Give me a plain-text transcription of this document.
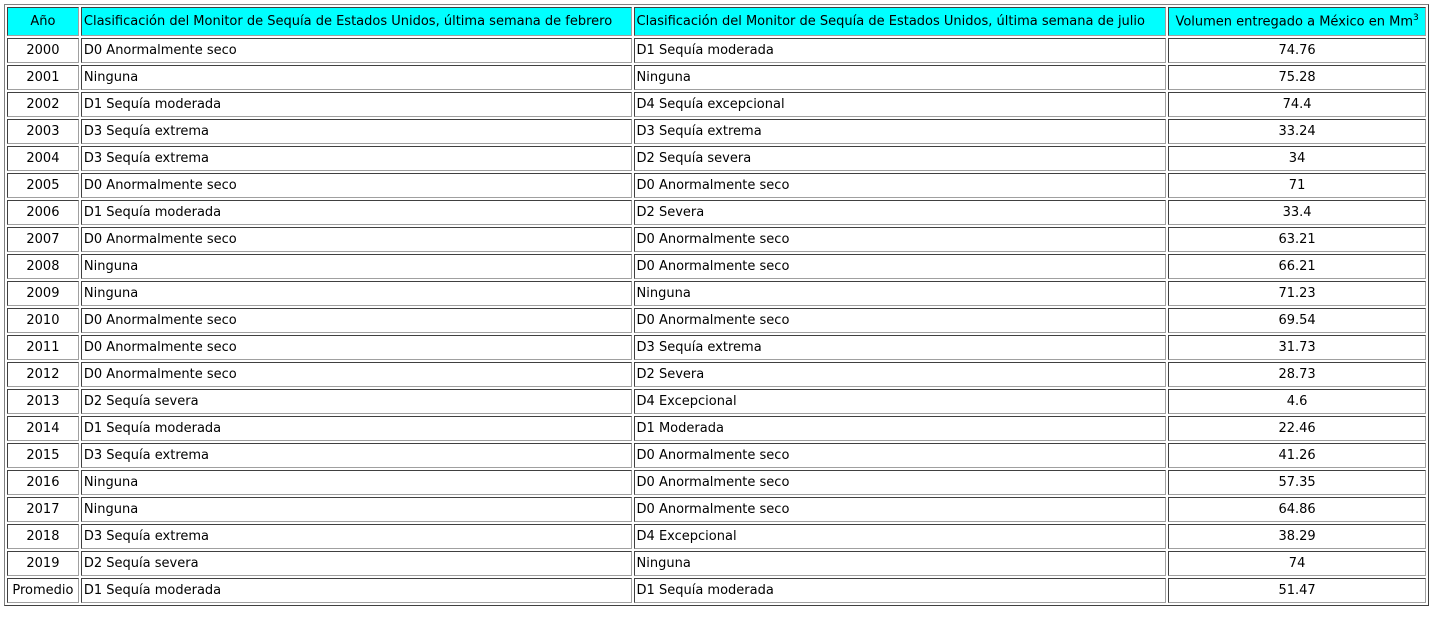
Año	Clasificación del Monitor de Sequía de Estados Unidos, última semana de febrero	Clasificación del Monitor de Sequía de Estados Unidos, última semana de julio	Volumen entregado a México en Mm$^3$
2000	D0 Anormalmente seco	D1 Sequía moderada	74.76
2001	Ninguna	Ninguna	75.28
2002	D1 Sequía moderada	D4 Sequía excepcional	74.4
2003	D3 Sequía extrema	D3 Sequía extrema	33.24
2004	D3 Sequía extrema	D2 Sequía severa	34
2005	D0 Anormalmente seco	D0 Anormalmente seco	71
2006	D1 Sequía moderada	D2 Severa	33.4
2007	D0 Anormalmente seco	D0 Anormalmente seco	63.21
2008	Ninguna	D0 Anormalmente seco	66.21
2009	Ninguna	Ninguna	71.23
2010	D0 Anormalmente seco	D0 Anormalmente seco	69.54
2011	D0 Anormalmente seco	D3 Sequía extrema	31.73
2012	D0 Anormalmente seco	D2 Severa	28.73
2013	D2 Sequía severa	D4 Excepcional	4.6
2014	D1 Sequía moderada	D1 Moderada	22.46
2015	D3 Sequía extrema	D0 Anormalmente seco	41.26
2016	Ninguna	D0 Anormalmente seco	57.35
2017	Ninguna	D0 Anormalmente seco	64.86
2018	D3 Sequía extrema	D4 Excepcional	38.29
2019	D2 Sequía severa	Ninguna	74
Promedio	D1 Sequía moderada	D1 Sequía moderada	51.47
